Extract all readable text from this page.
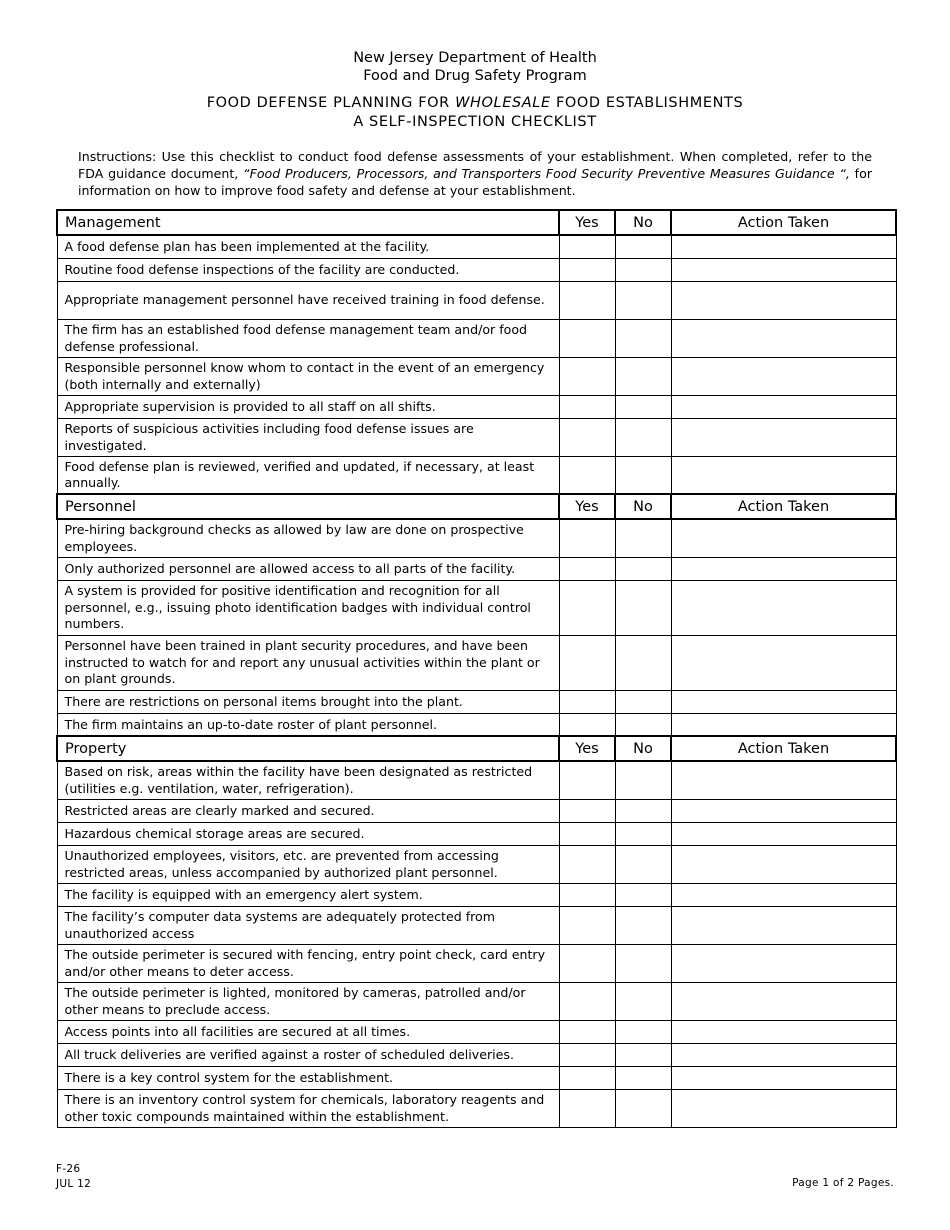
New Jersey Department of Health
Food and Drug Safety Program
FOOD DEFENSE PLANNING FOR WHOLESALE FOOD ESTABLISHMENTS
A SELF-INSPECTION CHECKLIST
Instructions: Use this checklist to conduct food defense assessments of your establishment. When completed, refer to the FDA guidance document, “Food Producers, Processors, and Transporters Food Security Preventive Measures Guidance “, for information on how to improve food safety and defense at your establishment.
Management	Yes	No	Action Taken
A food defense plan has been implemented at the facility.			
Routine food defense inspections of the facility are conducted.			
Appropriate management personnel have received training in food defense.			
The firm has an established food defense management team and/or food defense professional.			
Responsible personnel know whom to contact in the event of an emergency (both internally and externally)			
Appropriate supervision is provided to all staff on all shifts.			
Reports of suspicious activities including food defense issues are investigated.			
Food defense plan is reviewed, verified and updated, if necessary, at least annually.			
Personnel	Yes	No	Action Taken
Pre-hiring background checks as allowed by law are done on prospective employees.			
Only authorized personnel are allowed access to all parts of the facility.			
A system is provided for positive identification and recognition for all personnel, e.g., issuing photo identification badges with individual control numbers.			
Personnel have been trained in plant security procedures, and have been instructed to watch for and report any unusual activities within the plant or on plant grounds.			
There are restrictions on personal items brought into the plant.			
The firm maintains an up-to-date roster of plant personnel.			
Property	Yes	No	Action Taken
Based on risk, areas within the facility have been designated as restricted (utilities e.g. ventilation, water, refrigeration).			
Restricted areas are clearly marked and secured.			
Hazardous chemical storage areas are secured.			
Unauthorized employees, visitors, etc. are prevented from accessing restricted areas, unless accompanied by authorized plant personnel.			
The facility is equipped with an emergency alert system.			
The facility’s computer data systems are adequately protected from unauthorized access			
The outside perimeter is secured with fencing, entry point check, card entry and/or other means to deter access.			
The outside perimeter is lighted, monitored by cameras, patrolled and/or other means to preclude access.			
Access points into all facilities are secured at all times.			
All truck deliveries are verified against a roster of scheduled deliveries.			
There is a key control system for the establishment.			
There is an inventory control system for chemicals, laboratory reagents and other toxic compounds maintained within the establishment.			
F-26
JUL 12	Page 1 of 2 Pages.
